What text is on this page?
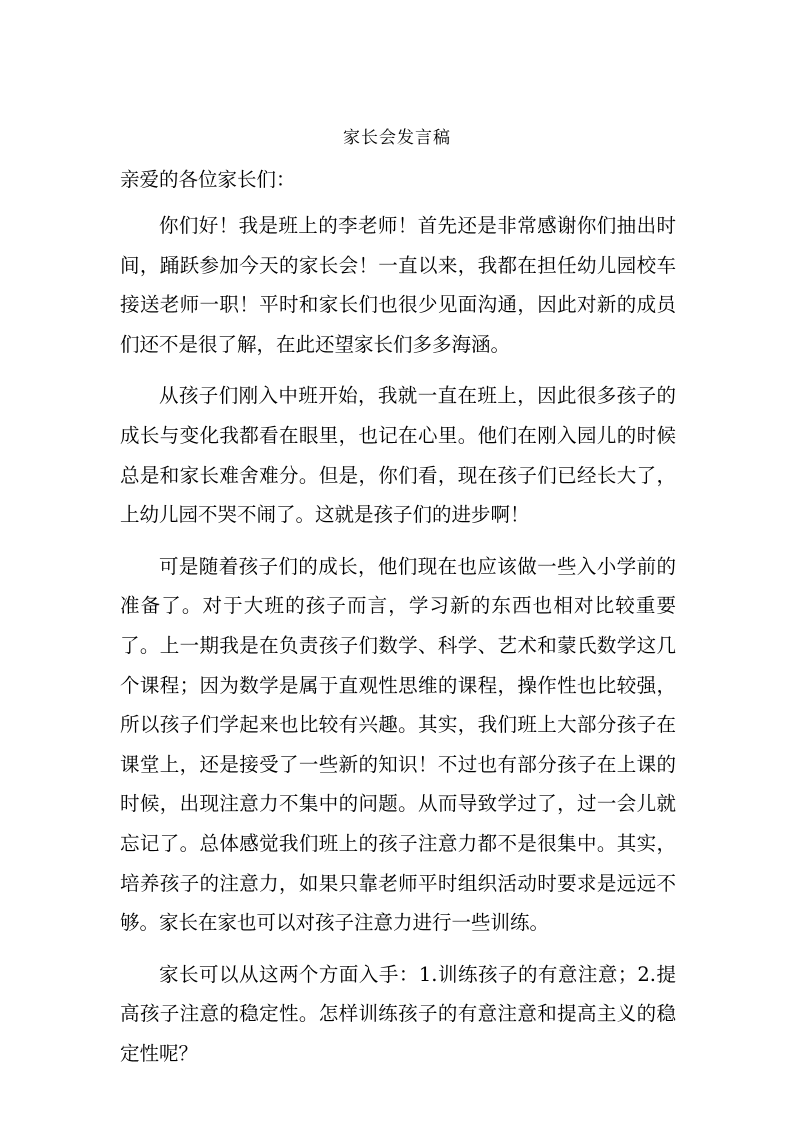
家长会发言稿
亲爱的各位家长们：

你们好！我是班上的李老师！首先还是非常感谢你们抽出时间，踊跃参加今天的家长会！一直以来，我都在担任幼儿园校车接送老师一职！平时和家长们也很少见面沟通，因此对新的成员们还不是很了解，在此还望家长们多多海涵。

从孩子们刚入中班开始，我就一直在班上，因此很多孩子的成长与变化我都看在眼里，也记在心里。他们在刚入园儿的时候总是和家长难舍难分。但是，你们看，现在孩子们已经长大了，上幼儿园不哭不闹了。这就是孩子们的进步啊！

可是随着孩子们的成长，他们现在也应该做一些入小学前的准备了。对于大班的孩子而言，学习新的东西也相对比较重要了。上一期我是在负责孩子们数学、科学、艺术和蒙氏数学这几个课程；因为数学是属于直观性思维的课程，操作性也比较强，所以孩子们学起来也比较有兴趣。其实，我们班上大部分孩子在课堂上，还是接受了一些新的知识！不过也有部分孩子在上课的时候，出现注意力不集中的问题。从而导致学过了，过一会儿就忘记了。总体感觉我们班上的孩子注意力都不是很集中。其实，培养孩子的注意力，如果只靠老师平时组织活动时要求是远远不够。家长在家也可以对孩子注意力进行一些训练。

家长可以从这两个方面入手：1.训练孩子的有意注意；2.提高孩子注意的稳定性。怎样训练孩子的有意注意和提高主义的稳定性呢？
